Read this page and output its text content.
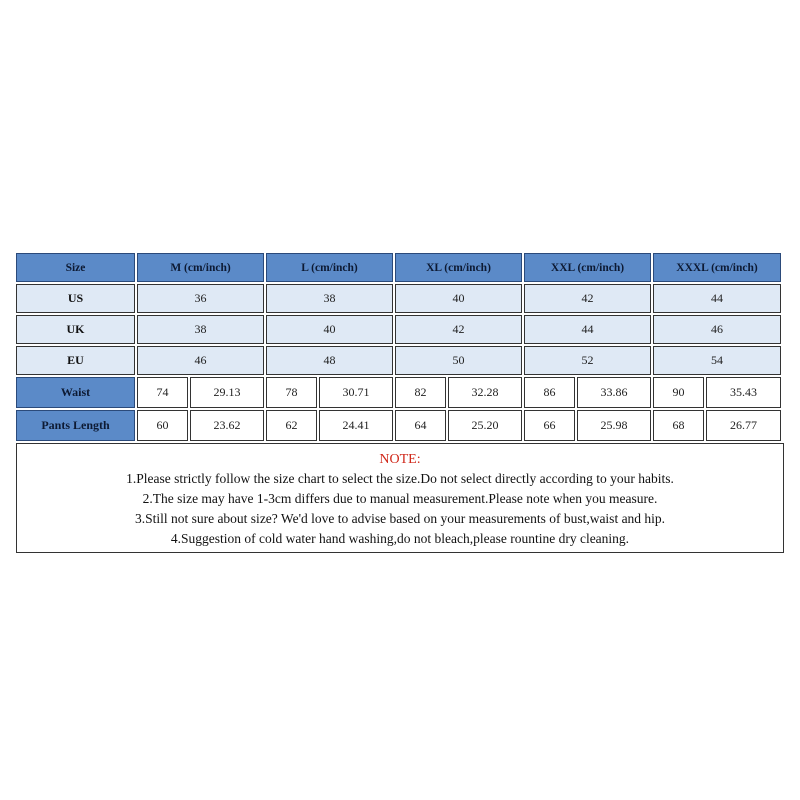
Size	M (cm/inch)	L (cm/inch)	XL (cm/inch)	XXL (cm/inch)	XXXL (cm/inch)
US	36	38	40	42	44
UK	38	40	42	44	46
EU	46	48	50	52	54
Waist	74	29.13	78	30.71	82	32.28	86	33.86	90	35.43
Pants Length	60	23.62	62	24.41	64	25.20	66	25.98	68	26.77
NOTE:
1.Please strictly follow the size chart to select the size.Do not select directly according to your habits.
2.The size may have 1-3cm differs due to manual measurement.Please note when you measure.
3.Still not sure about size? We'd love to advise based on your measurements of bust,waist and hip.
4.Suggestion of cold water hand washing,do not bleach,please rountine dry cleaning.
